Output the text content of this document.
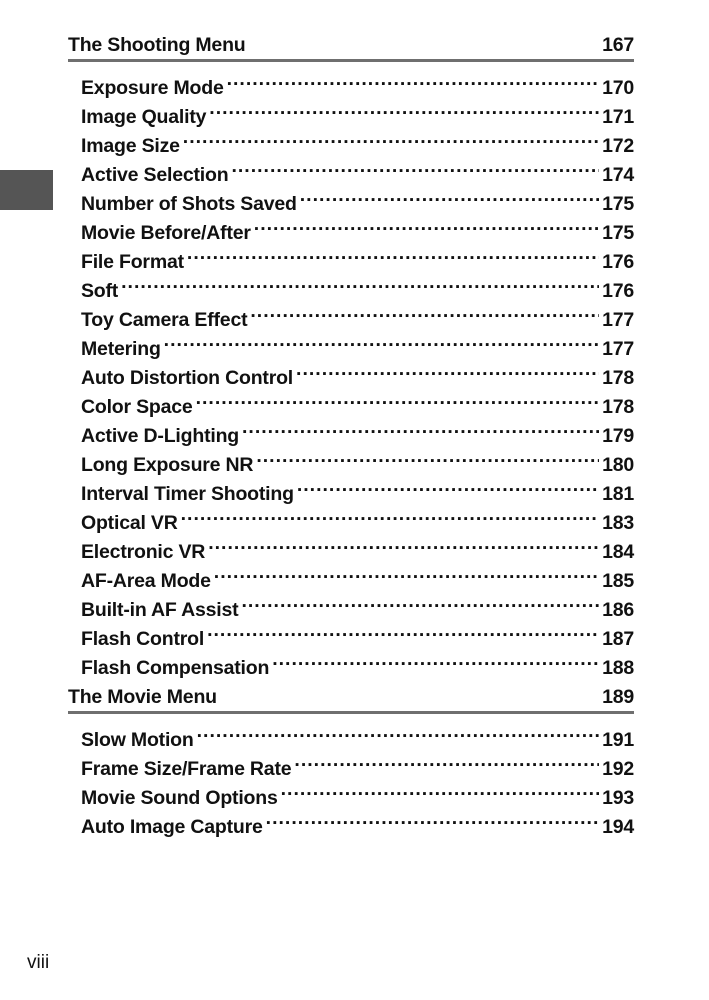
The Shooting Menu	167
Exposure Mode .....	170
Image Quality .....	171
Image Size .....	172
Active Selection .....	174
Number of Shots Saved .....	175
Movie Before/After .....	175
File Format .....	176
Soft .....	176
Toy Camera Effect .....	177
Metering .....	177
Auto Distortion Control .....	178
Color Space .....	178
Active D-Lighting .....	179
Long Exposure NR .....	180
Interval Timer Shooting .....	181
Optical VR .....	183
Electronic VR .....	184
AF-Area Mode .....	185
Built-in AF Assist .....	186
Flash Control .....	187
Flash Compensation .....	188
The Movie Menu	189
Slow Motion .....	191
Frame Size/Frame Rate .....	192
Movie Sound Options .....	193
Auto Image Capture .....	194
viii
